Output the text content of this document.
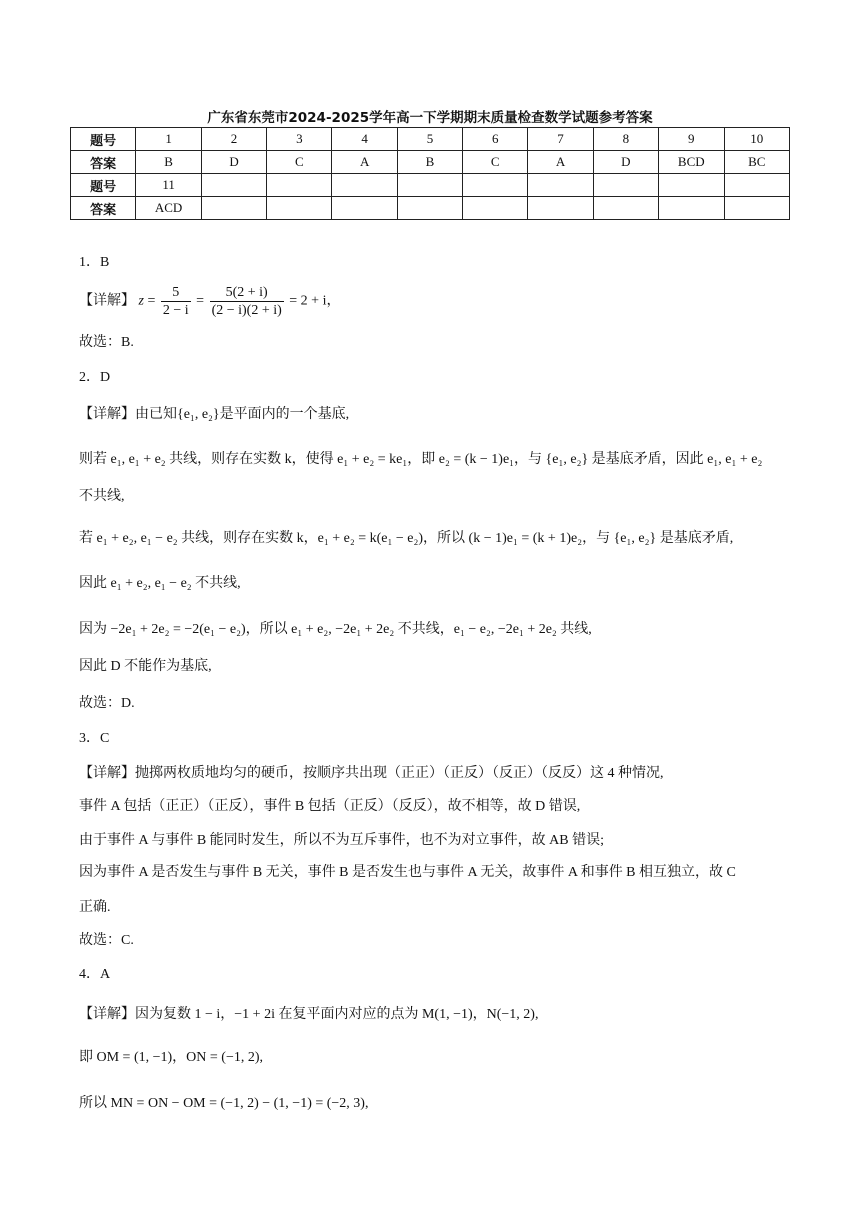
广东省东莞市2024-2025学年高一下学期期末质量检查数学试题参考答案
题号	1	2	3	4	5	6	7	8	9	10
答案	B	D	C	A	B	C	A	D	BCD	BC
题号	11									
答案	ACD									
1．B
【详解】 $z = \frac{5}{2 - i} = \frac{5(2 + i)}{(2 - i)(2 + i)} = 2 + i$，
故选：B.
2．D
【详解】由已知{e₁, e₂}是平面内的一个基底,
则若 e₁, e₁ + e₂ 共线，则存在实数 k，使得 e₁ + e₂ = ke₁，即 e₂ = (k − 1)e₁，与 {e₁, e₂} 是基底矛盾，因此 e₁, e₁ + e₂
不共线,
若 e₁ + e₂, e₁ − e₂ 共线，则存在实数 k，e₁ + e₂ = k(e₁ − e₂)，所以 (k − 1)e₁ = (k + 1)e₂，与 {e₁, e₂} 是基底矛盾,
因此 e₁ + e₂, e₁ − e₂ 不共线,
因为 −2e₁ + 2e₂ = −2(e₁ − e₂)，所以 e₁ + e₂, −2e₁ + 2e₂ 不共线，e₁ − e₂, −2e₁ + 2e₂ 共线,
因此 D 不能作为基底,
故选：D.
3．C
【详解】抛掷两枚质地均匀的硬币，按顺序共出现（正正）（正反）（反正）（反反）这 4 种情况,
事件 A 包括（正正）（正反），事件 B 包括（正反）（反反），故不相等，故 D 错误,
由于事件 A 与事件 B 能同时发生，所以不为互斥事件，也不为对立事件，故 AB 错误;
因为事件 A 是否发生与事件 B 无关，事件 B 是否发生也与事件 A 无关，故事件 A 和事件 B 相互独立，故 C
正确.
故选：C.
4．A
【详解】因为复数 1 − i，−1 + 2i 在复平面内对应的点为 M(1, −1)，N(−1, 2),
即 OM = (1, −1)，ON = (−1, 2),
所以 MN = ON − OM = (−1, 2) − (1, −1) = (−2, 3),
